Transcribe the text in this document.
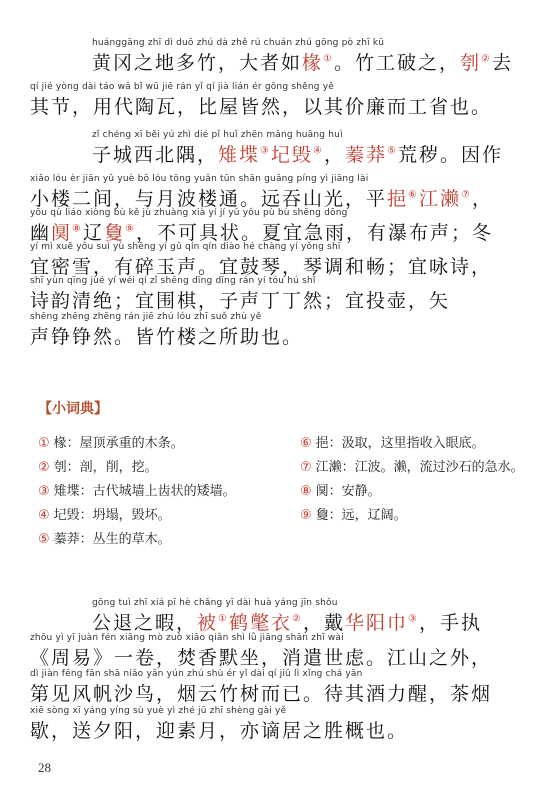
huánggāng zhī dì duō zhú dà zhě rú chuán zhú gōng pò zhī kū
黄冈之地多竹，大者如椽①。竹工破之，刳②去
qí jié yòng dài táo wǎ bǐ wū jiē rán yǐ qí jià lián ér gōng shěng yě
其节，用代陶瓦，比屋皆然，以其价廉而工省也。
zǐ chéng xī běi yú zhì dié pǐ huǐ zhēn mǎng huāng huì
子城西北隅，雉堞③圮毁④，蓁莽⑤荒秽。因作
xiǎo lóu èr jiān yǔ yuè bō lóu tōng yuǎn tūn shān guāng píng yì jiāng lài
小楼二间，与月波楼通。远吞山光，平挹⑥江濑⑦，
yōu qù liáo xiòng bù kě jù zhuàng xià yí jí yǔ yǒu pù bù shēng dōng
幽阒⑧辽敻⑨，不可具状。夏宜急雨，有瀑布声；冬
yí mì xuě yǒu suì yù shēng yí gǔ qín qín diào hé chàng yí yǒng shī
宜密雪，有碎玉声。宜鼓琴，琴调和畅；宜咏诗，
shī yùn qīng jué yí wéi qí zǐ shēng dīng dīng rán yí tóu hú shǐ
诗韵清绝；宜围棋，子声丁丁然；宜投壶，矢
shēng zhēng zhēng rán jiē zhú lóu zhī suǒ zhù yě
声铮铮然。皆竹楼之所助也。
【小词典】
① 椽：屋顶承重的木条。
② 刳：剖，削，挖。
③ 雉堞：古代城墙上齿状的矮墙。
④ 圮毁：坍塌，毁坏。
⑤ 蓁莽：丛生的草木。
⑥ 挹：汲取，这里指收入眼底。
⑦ 江濑：江波。濑，流过沙石的急水。
⑧ 阒：安静。
⑨ 敻：远，辽阔。
gōng tuì zhī xiá pī hè chǎng yī dài huà yáng jīn shǒu
公退之暇，被①鹤氅衣②，戴华阳巾③，手执
zhōu yì yī juàn fén xiāng mò zuò xiāo qiǎn shì lǜ jiāng shān zhī wài
《周易》一卷，焚香默坐，消遣世虑。江山之外，
dì jiàn fēng fān shā niǎo yān yún zhú shù ér yǐ dài qí jiǔ lì xǐng chá yān
第见风帆沙鸟，烟云竹树而已。待其酒力醒，茶烟
xiē sòng xī yáng yíng sù yuè yì zhé jū zhī shèng gài yě
歇，送夕阳，迎素月，亦谪居之胜概也。
28
